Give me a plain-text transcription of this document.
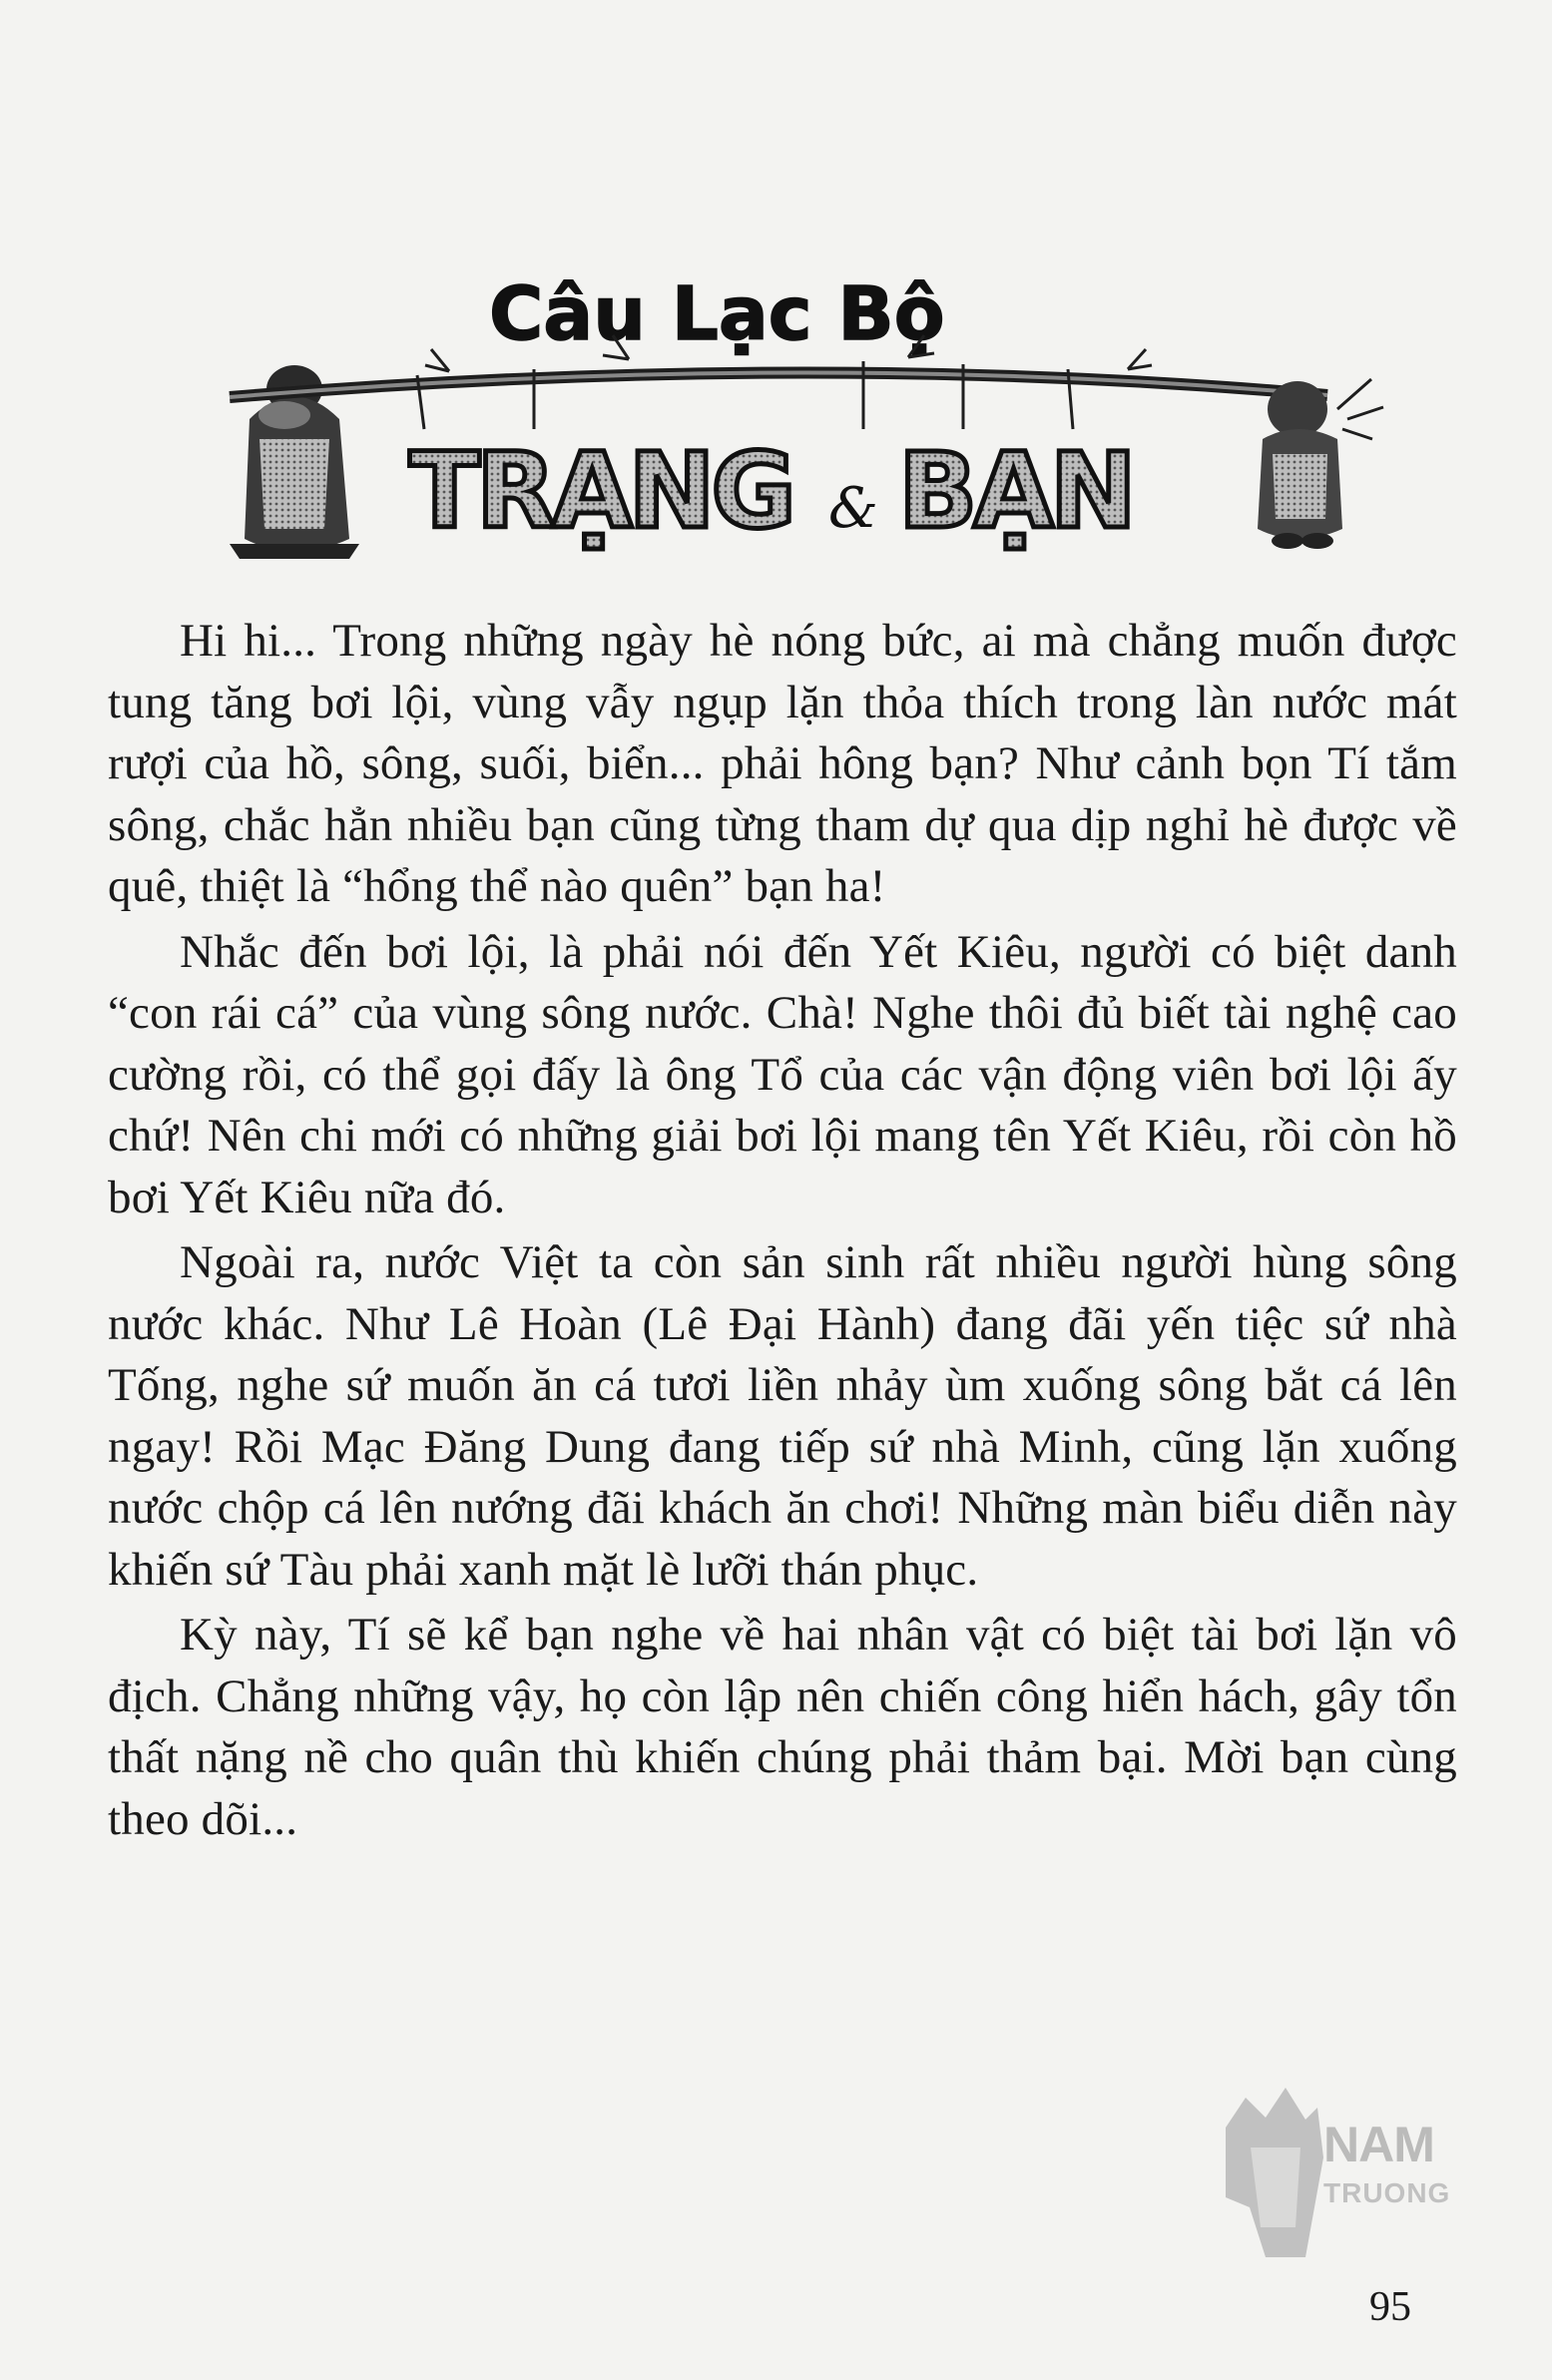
Câu Lạc Bộ
TRẠNG & BẠN

Hi hi... Trong những ngày hè nóng bức, ai mà chẳng muốn được tung tăng bơi lội, vùng vẫy ngụp lặn thỏa thích trong làn nước mát rượi của hồ, sông, suối, biển... phải hông bạn? Như cảnh bọn Tí tắm sông, chắc hẳn nhiều bạn cũng từng tham dự qua dịp nghỉ hè được về quê, thiệt là “hổng thể nào quên” bạn ha!

Nhắc đến bơi lội, là phải nói đến Yết Kiêu, người có biệt danh “con rái cá” của vùng sông nước. Chà! Nghe thôi đủ biết tài nghệ cao cường rồi, có thể gọi đấy là ông Tổ của các vận động viên bơi lội ấy chứ! Nên chi mới có những giải bơi lội mang tên Yết Kiêu, rồi còn hồ bơi Yết Kiêu nữa đó.

Ngoài ra, nước Việt ta còn sản sinh rất nhiều người hùng sông nước khác. Như Lê Hoàn (Lê Đại Hành) đang đãi yến tiệc sứ nhà Tống, nghe sứ muốn ăn cá tươi liền nhảy ùm xuống sông bắt cá lên ngay! Rồi Mạc Đăng Dung đang tiếp sứ nhà Minh, cũng lặn xuống nước chộp cá lên nướng đãi khách ăn chơi! Những màn biểu diễn này khiến sứ Tàu phải xanh mặt lè lưỡi thán phục.

Kỳ này, Tí sẽ kể bạn nghe về hai nhân vật có biệt tài bơi lặn vô địch. Chẳng những vậy, họ còn lập nên chiến công hiển hách, gây tổn thất nặng nề cho quân thù khiến chúng phải thảm bại. Mời bạn cùng theo dõi...

NAM
TRUONG
95
